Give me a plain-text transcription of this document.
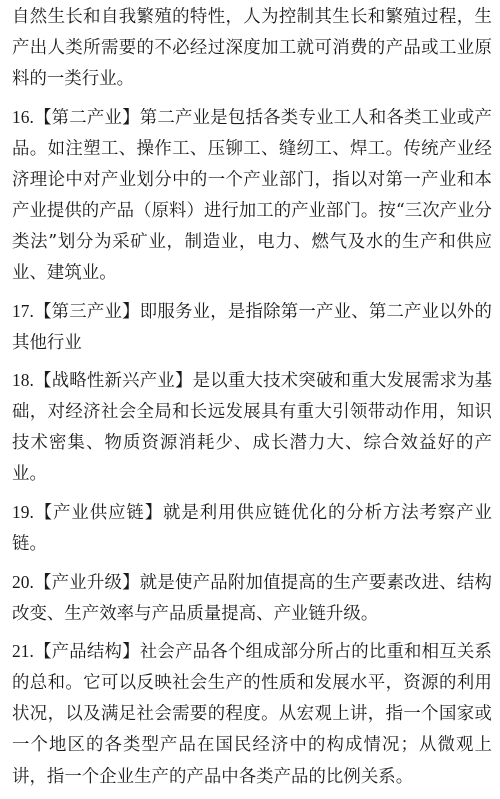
自然生长和自我繁殖的特性，人为控制其生长和繁殖过程，生产出人类所需要的不必经过深度加工就可消费的产品或工业原料的一类行业。
16.【第二产业】第二产业是包括各类专业工人和各类工业或产品。如注塑工、操作工、压铆工、缝纫工、焊工。传统产业经济理论中对产业划分中的一个产业部门，指以对第一产业和本产业提供的产品（原料）进行加工的产业部门。按“三次产业分类法”划分为采矿业，制造业，电力、燃气及水的生产和供应业、建筑业。
17.【第三产业】即服务业，是指除第一产业、第二产业以外的其他行业
18.【战略性新兴产业】是以重大技术突破和重大发展需求为基础，对经济社会全局和长远发展具有重大引领带动作用，知识技术密集、物质资源消耗少、成长潜力大、综合效益好的产业。
19.【产业供应链】就是利用供应链优化的分析方法考察产业链。
20.【产业升级】就是使产品附加值提高的生产要素改进、结构改变、生产效率与产品质量提高、产业链升级。
21.【产品结构】社会产品各个组成部分所占的比重和相互关系的总和。它可以反映社会生产的性质和发展水平，资源的利用状况，以及满足社会需要的程度。从宏观上讲，指一个国家或一个地区的各类型产品在国民经济中的构成情况；从微观上讲，指一个企业生产的产品中各类产品的比例关系。
